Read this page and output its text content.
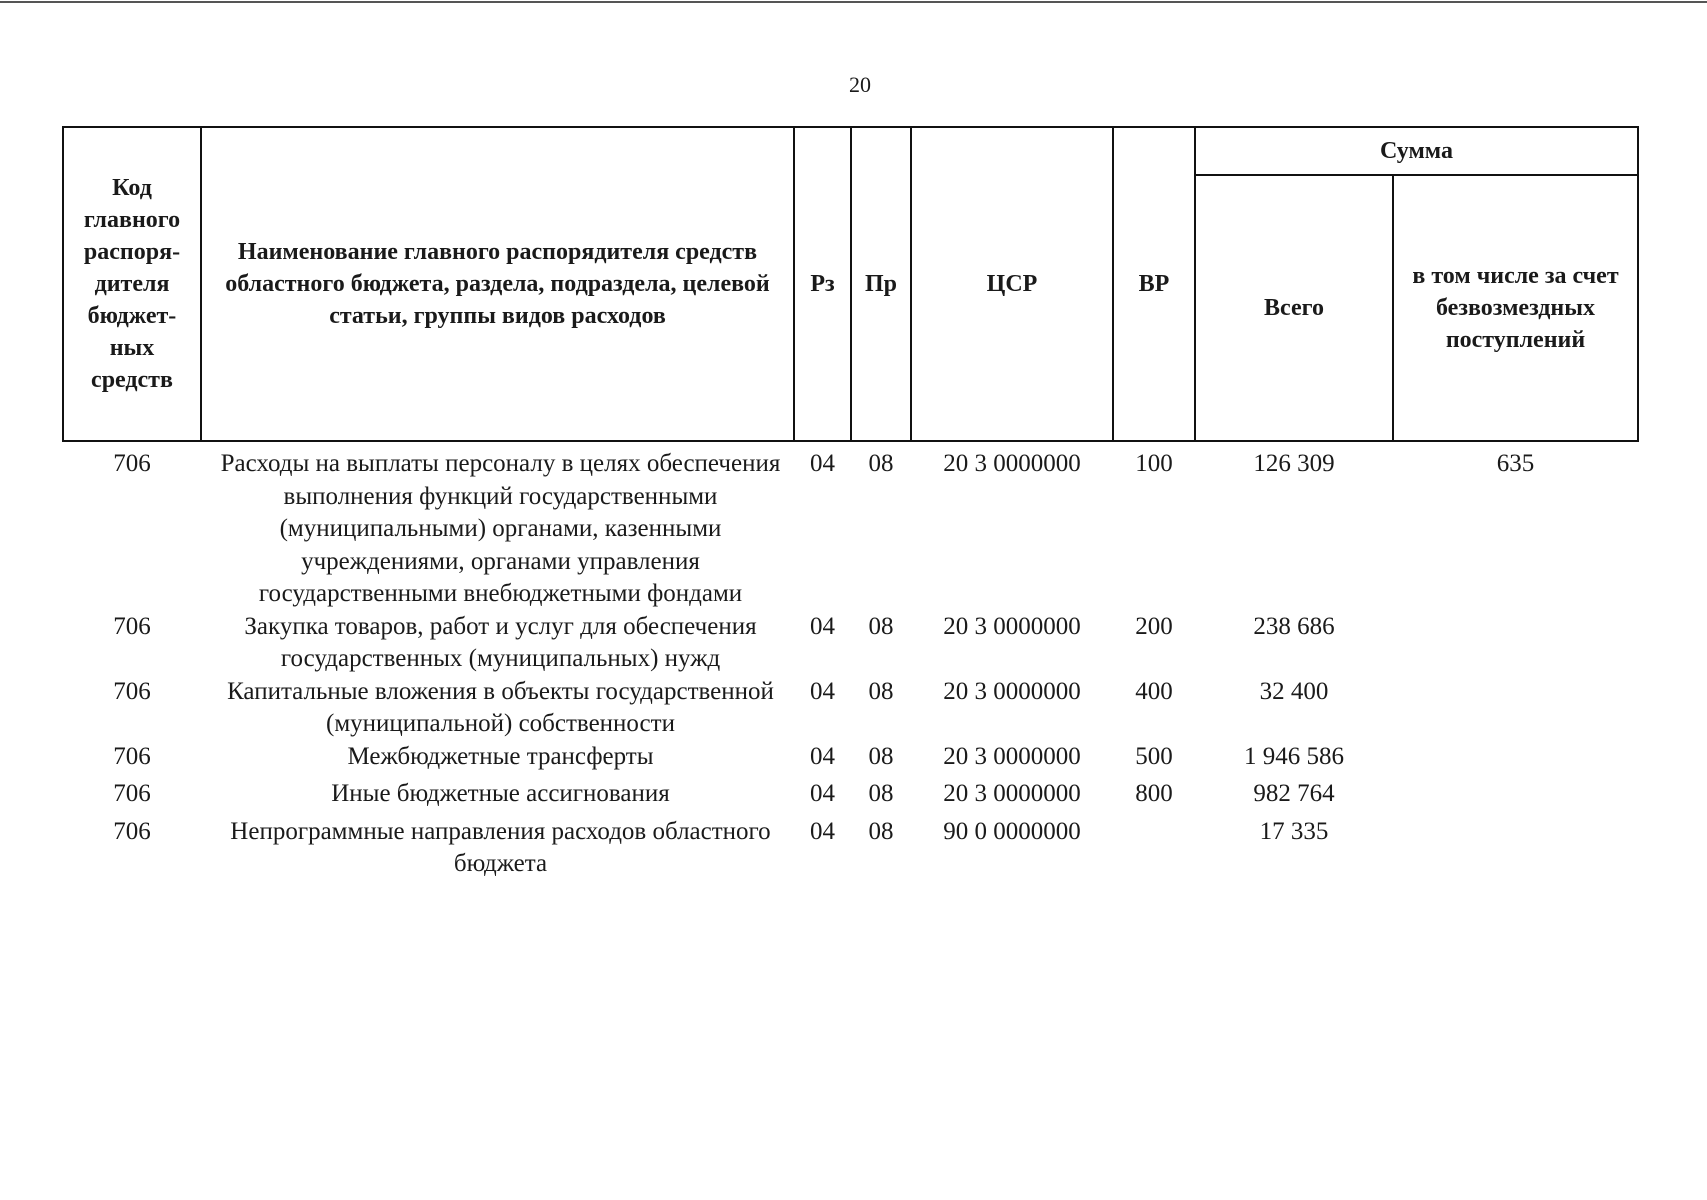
20
Код главного распоря-дителя бюджет-ных средств	Наименование главного распорядителя средств областного бюджета, раздела, подраздела, целевой статьи, группы видов расходов	Рз	Пр	ЦСР	ВР	Сумма	
						Всего	в том числе за счет безвозмездных поступлений
706	Расходы на выплаты персоналу в целях обеспечения выполнения функций государственными (муниципальными) органами, казенными учреждениями, органами управления государственными внебюджетными фондами	04	08	20 3 0000000	100	126 309	635
706	Закупка товаров, работ и услуг для обеспечения государственных (муниципальных) нужд	04	08	20 3 0000000	200	238 686	
706	Капитальные вложения в объекты государственной (муниципальной) собственности	04	08	20 3 0000000	400	32 400	
706	Межбюджетные трансферты	04	08	20 3 0000000	500	1 946 586	
706	Иные бюджетные ассигнования	04	08	20 3 0000000	800	982 764	
706	Непрограммные направления расходов областного бюджета	04	08	90 0 0000000		17 335	
